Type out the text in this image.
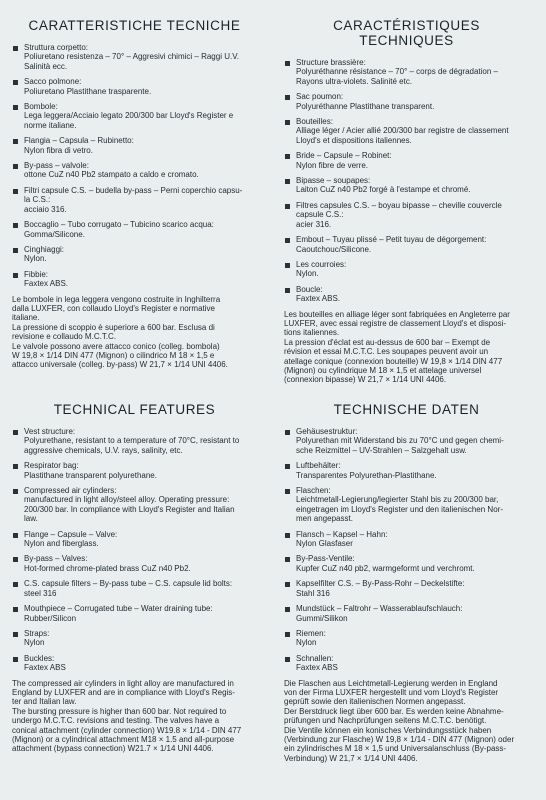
CARATTERISTICHE TECNICHE
Struttura corpetto:
Poliuretano resistenza – 70° – Aggresivi chimici – Raggi U.V.
Salinità ecc.
Sacco polmone:
Poliuretano Plastithane trasparente.
Bombole:
Lega leggera/Acciaio legato 200/300 bar Lloyd's Register e
norme italiane.
Flangia – Capsula – Rubinetto:
Nylon fibra di vetro.
By-pass – valvole:
ottone CuZ n40 Pb2 stampato a caldo e cromato.
Filtri capsule C.S. – budella by-pass – Perni coperchio capsu-
la C.S.:
acciaio 316.
Boccaglio – Tubo corrugato – Tubicino scarico acqua:
Gomma/Silicone.
Cinghiaggi:
Nylon.
Fibbie:
Faxtex ABS.

Le bombole in lega leggera vengono costruite in Inghilterra
dalla LUXFER, con collaudo Lloyd's Register e normative
italiane.
La pressione di scoppio è superiore a 600 bar. Esclusa di
revisione e collaudo M.C.T.C.
Le valvole possono avere attacco conico (colleg. bombola)
W 19,8 × 1/14 DIN 477 (Mignon) o cilindrico M 18 × 1,5 e
attacco universale (colleg. by-pass) W 21,7 × 1/14 UNI 4406.

CARACTÉRISTIQUES TECHNIQUES
Structure brassière:
Polyuréthanne résistance – 70° – corps de dégradation –
Rayons ultra-violets. Salinité etc.
Sac poumon:
Polyuréthanne Plastithane transparent.
Bouteilles:
Alliage léger / Acier allié 200/300 bar registre de classement
Lloyd's et dispositions italiennes.
Bride – Capsule – Robinet:
Nylon fibre de verre.
Bipasse – soupapes:
Laiton CuZ n40 Pb2 forgé à l'estampe et chromé.
Filtres capsules C.S. – boyau bipasse – cheville couvercle
capsule C.S.:
acier 316.
Embout – Tuyau plissé – Petit tuyau de dégorgement:
Caoutchouc/Silicone.
Les courroies:
Nylon.
Boucle:
Faxtex ABS.

Les bouteilles en alliage léger sont fabriquées en Angleterre par
LUXFER, avec essai registre de classement Lloyd's et disposi-
tions italiennes.
La pression d'éclat est au-dessus de 600 bar – Exempt de
révision et essai M.C.T.C. Les soupapes peuvent avoir un
atellage conique (connexion bouteille) W 19,8 × 1/14 DIN 477
(Mignon) ou cylindrique M 18 × 1,5 et attelage universel
(connexion bipasse) W 21,7 × 1/14 UNI 4406.

TECHNICAL FEATURES
Vest structure:
Polyurethane, resistant to a temperature of 70°C, resistant to
aggressive chemicals, U.V. rays, salinity, etc.
Respirator bag:
Plastithane transparent polyurethane.
Compressed air cylinders:
manufactured in light alloy/steel alloy. Operating pressure:
200/300 bar. In compliance with Lloyd's Register and Italian
law.
Flange – Capsule – Valve:
Nylon and fiberglass.
By-pass – Valves:
Hot-formed chrome-plated brass CuZ n40 Pb2.
C.S. capsule filters – By-pass tube – C.S. capsule lid bolts:
steel 316
Mouthpiece – Corrugated tube – Water draining tube:
Rubber/Silicon
Straps:
Nylon
Buckles:
Faxtex ABS

The compressed air cylinders in light alloy are manufactured in
England by LUXFER and are in compliance with Lloyd's Regis-
ter and Italian law.
The bursting pressure is higher than 600 bar. Not required to
undergo M.C.T.C. revisions and testing. The valves have a
conical attachment (cylinder connection) W19.8 × 1/14 - DIN 477
(Mignon) or a cylindrical attachment M18 × 1.5 and all-purpose
attachment (bypass connection) W21.7 × 1/14 UNI 4406.

TECHNISCHE DATEN
Gehäusestruktur:
Polyurethan mit Widerstand bis zu 70°C und gegen chemi-
sche Reizmittel – UV-Strahlen – Salzgehalt usw.
Luftbehälter:
Transparentes Polyurethan-Plastithane.
Flaschen:
Leichtmetall-Legierung/legierter Stahl bis zu 200/300 bar,
eingetragen im Lloyd's Register und den italienischen Nor-
men angepasst.
Flansch – Kapsel – Hahn:
Nylon Glasfaser
By-Pass-Ventile:
Kupfer CuZ n40 pb2, warmgeformt und verchromt.
Kapselfilter C.S. – By-Pass-Rohr – Deckelstifte:
Stahl 316
Mundstück – Faltrohr – Wasserablaufschlauch:
Gummi/Silikon
Riemen:
Nylon
Schnallen:
Faxtex ABS

Die Flaschen aus Leichtmetall-Legierung werden in England
von der Firma LUXFER hergestellt und vom Lloyd's Register
geprüft sowie den italienischen Normen angepasst.
Der Berstdruck liegt über 600 bar. Es werden keine Abnahme-
prüfungen und Nachprüfungen seitens M.C.T.C. benötigt.
Die Ventile können ein konisches Verbindungsstück haben
(Verbindung zur Flasche) W 19,8 × 1/14 - DIN 477 (Mignon) oder
ein zylindrisches M 18 × 1,5 und Universalanschluss (By-pass-
Verbindung) W 21,7 × 1/14 UNI 4406.
